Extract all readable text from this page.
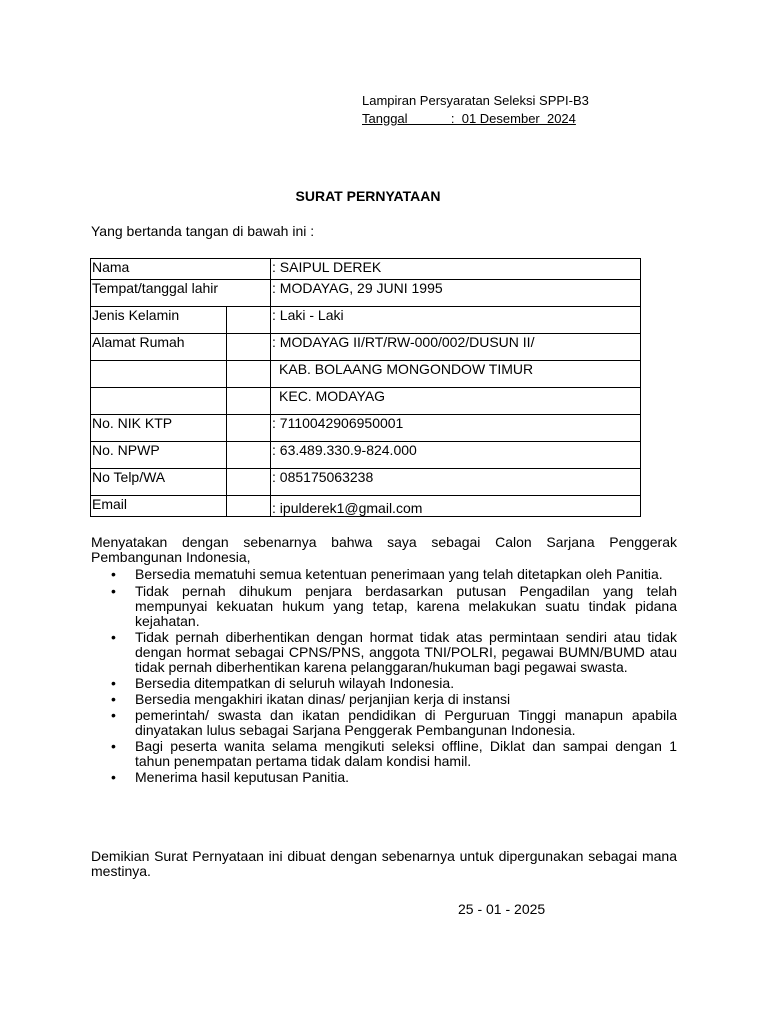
Lampiran Persyaratan Seleksi SPPI-B3
Tanggal            :  01 Desember  2024
SURAT PERNYATAAN
Yang bertanda tangan di bawah ini :
Nama		: SAIPUL DEREK
Tempat/tanggal lahir		: MODAYAG, 29 JUNI 1995
Jenis Kelamin		: Laki - Laki
Alamat Rumah		: MODAYAG II/RT/RW-000/002/DUSUN II/
		KAB. BOLAANG MONGONDOW TIMUR
		KEC. MODAYAG
No. NIK KTP		: 7110042906950001
No. NPWP		: 63.489.330.9-824.000
No Telp/WA		: 085175063238
Email		: ipulderek1@gmail.com
Menyatakan dengan sebenarnya bahwa saya sebagai Calon Sarjana Penggerak Pembangunan Indonesia,
• Bersedia mematuhi semua ketentuan penerimaan yang telah ditetapkan oleh Panitia.
• Tidak pernah dihukum penjara berdasarkan putusan Pengadilan yang telah mempunyai kekuatan hukum yang tetap, karena melakukan suatu tindak pidana kejahatan.
• Tidak pernah diberhentikan dengan hormat tidak atas permintaan sendiri atau tidak dengan hormat sebagai CPNS/PNS, anggota TNI/POLRI, pegawai BUMN/BUMD atau tidak pernah diberhentikan karena pelanggaran/hukuman bagi pegawai swasta.
• Bersedia ditempatkan di seluruh wilayah Indonesia.
• Bersedia mengakhiri ikatan dinas/ perjanjian kerja di instansi
• pemerintah/ swasta dan ikatan pendidikan di Perguruan Tinggi manapun apabila dinyatakan lulus sebagai Sarjana Penggerak Pembangunan Indonesia.
• Bagi peserta wanita selama mengikuti seleksi offline, Diklat dan sampai dengan 1 tahun penempatan pertama tidak dalam kondisi hamil.
• Menerima hasil keputusan Panitia.
Demikian Surat Pernyataan ini dibuat dengan sebenarnya untuk dipergunakan sebagai mana mestinya.
25 - 01 - 2025
